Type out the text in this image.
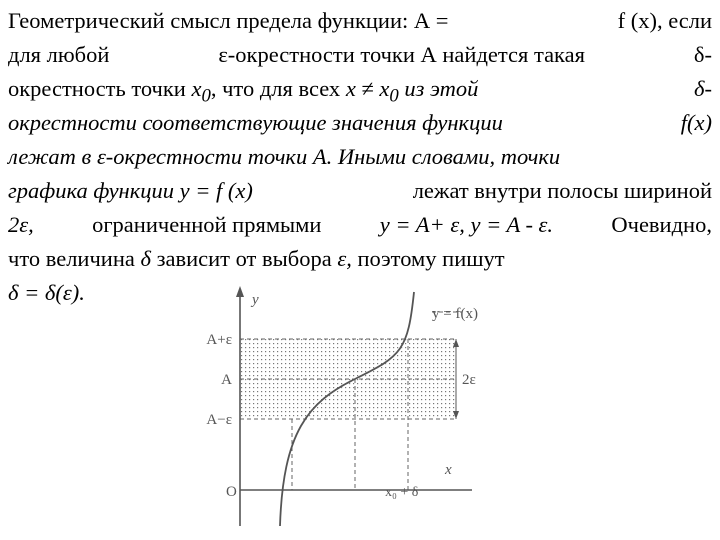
Геометрический смысл предела функции: А =	f (x), если
для любой	ε-окрестности точки А найдется такая	δ-
окрестность точки $x_0$, что для всех $x \ne x_0$ из этой	δ-
окрестности соответствующие значения функции	f(x)
лежат в ε-окрестности точки А. Иными словами, точки
графика функции y = f (x)	лежат внутри полосы шириной
2ε,	ограниченной прямыми	y = A+ ε, y = A - ε.	Очевидно,
что величина δ зависит от выбора ε, поэтому пишут
δ = δ(ε).	y
y = f(x)
A+ε
A
A−ε
2ε
x
O	x₀ + δ
